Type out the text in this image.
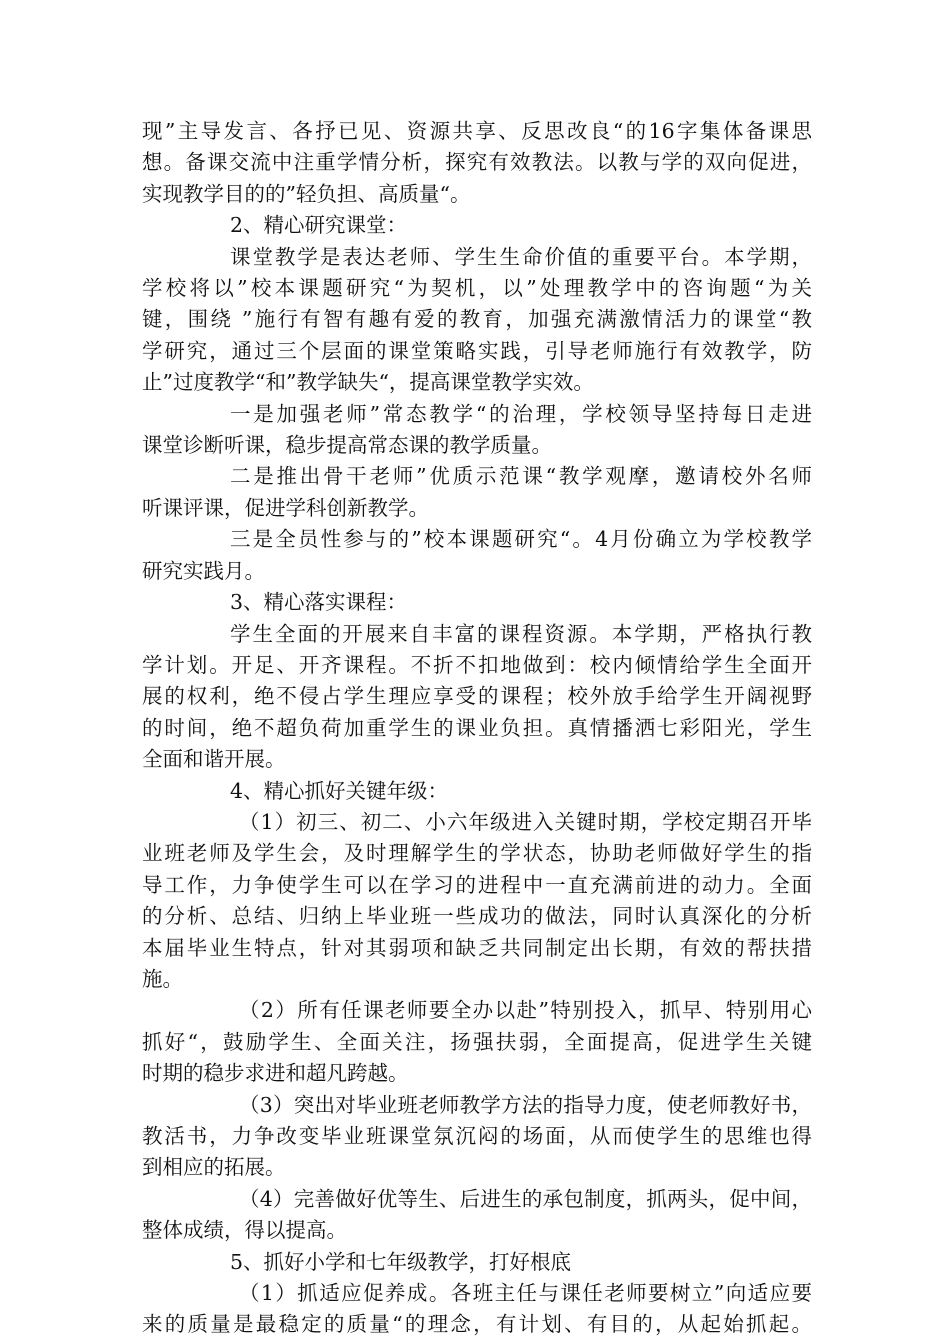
现”主导发言、各抒已见、资源共享、反思改良“的16字集体备课思
想。备课交流中注重学情分析，探究有效教法。以教与学的双向促进，
实现教学目的的”轻负担、高质量“。
2、精心研究课堂：
课堂教学是表达老师、学生生命价值的重要平台。本学期，
学校将以”校本课题研究“为契机，以”处理教学中的咨询题“为关
键，围绕 ”施行有智有趣有爱的教育，加强充满激情活力的课堂“教
学研究，通过三个层面的课堂策略实践，引导老师施行有效教学，防
止”过度教学“和”教学缺失“，提高课堂教学实效。
一是加强老师”常态教学“的治理，学校领导坚持每日走进
课堂诊断听课，稳步提高常态课的教学质量。
二是推出骨干老师”优质示范课“教学观摩，邀请校外名师
听课评课，促进学科创新教学。
三是全员性参与的”校本课题研究“。4月份确立为学校教学
研究实践月。
3、精心落实课程：
学生全面的开展来自丰富的课程资源。本学期，严格执行教
学计划。开足、开齐课程。不折不扣地做到：校内倾情给学生全面开
展的权利，绝不侵占学生理应享受的课程；校外放手给学生开阔视野
的时间，绝不超负荷加重学生的课业负担。真情播洒七彩阳光，学生
全面和谐开展。
4、精心抓好关键年级：
（1）初三、初二、小六年级进入关键时期，学校定期召开毕
业班老师及学生会，及时理解学生的学状态，协助老师做好学生的指
导工作，力争使学生可以在学习的进程中一直充满前进的动力。全面
的分析、总结、归纳上毕业班一些成功的做法，同时认真深化的分析
本届毕业生特点，针对其弱项和缺乏共同制定出长期，有效的帮扶措
施。
（2）所有任课老师要全办以赴”特别投入，抓早、特别用心
抓好“，鼓励学生、全面关注，扬强扶弱，全面提高，促进学生关键
时期的稳步求进和超凡跨越。
（3）突出对毕业班老师教学方法的指导力度，使老师教好书，
教活书，力争改变毕业班课堂氛沉闷的场面，从而使学生的思维也得
到相应的拓展。
（4）完善做好优等生、后进生的承包制度，抓两头，促中间，
整体成绩，得以提高。
5、抓好小学和七年级教学，打好根底
（1）抓适应促养成。各班主任与课任老师要树立”向适应要
来的质量是最稳定的质量“的理念，有计划、有目的，从起始抓起。
